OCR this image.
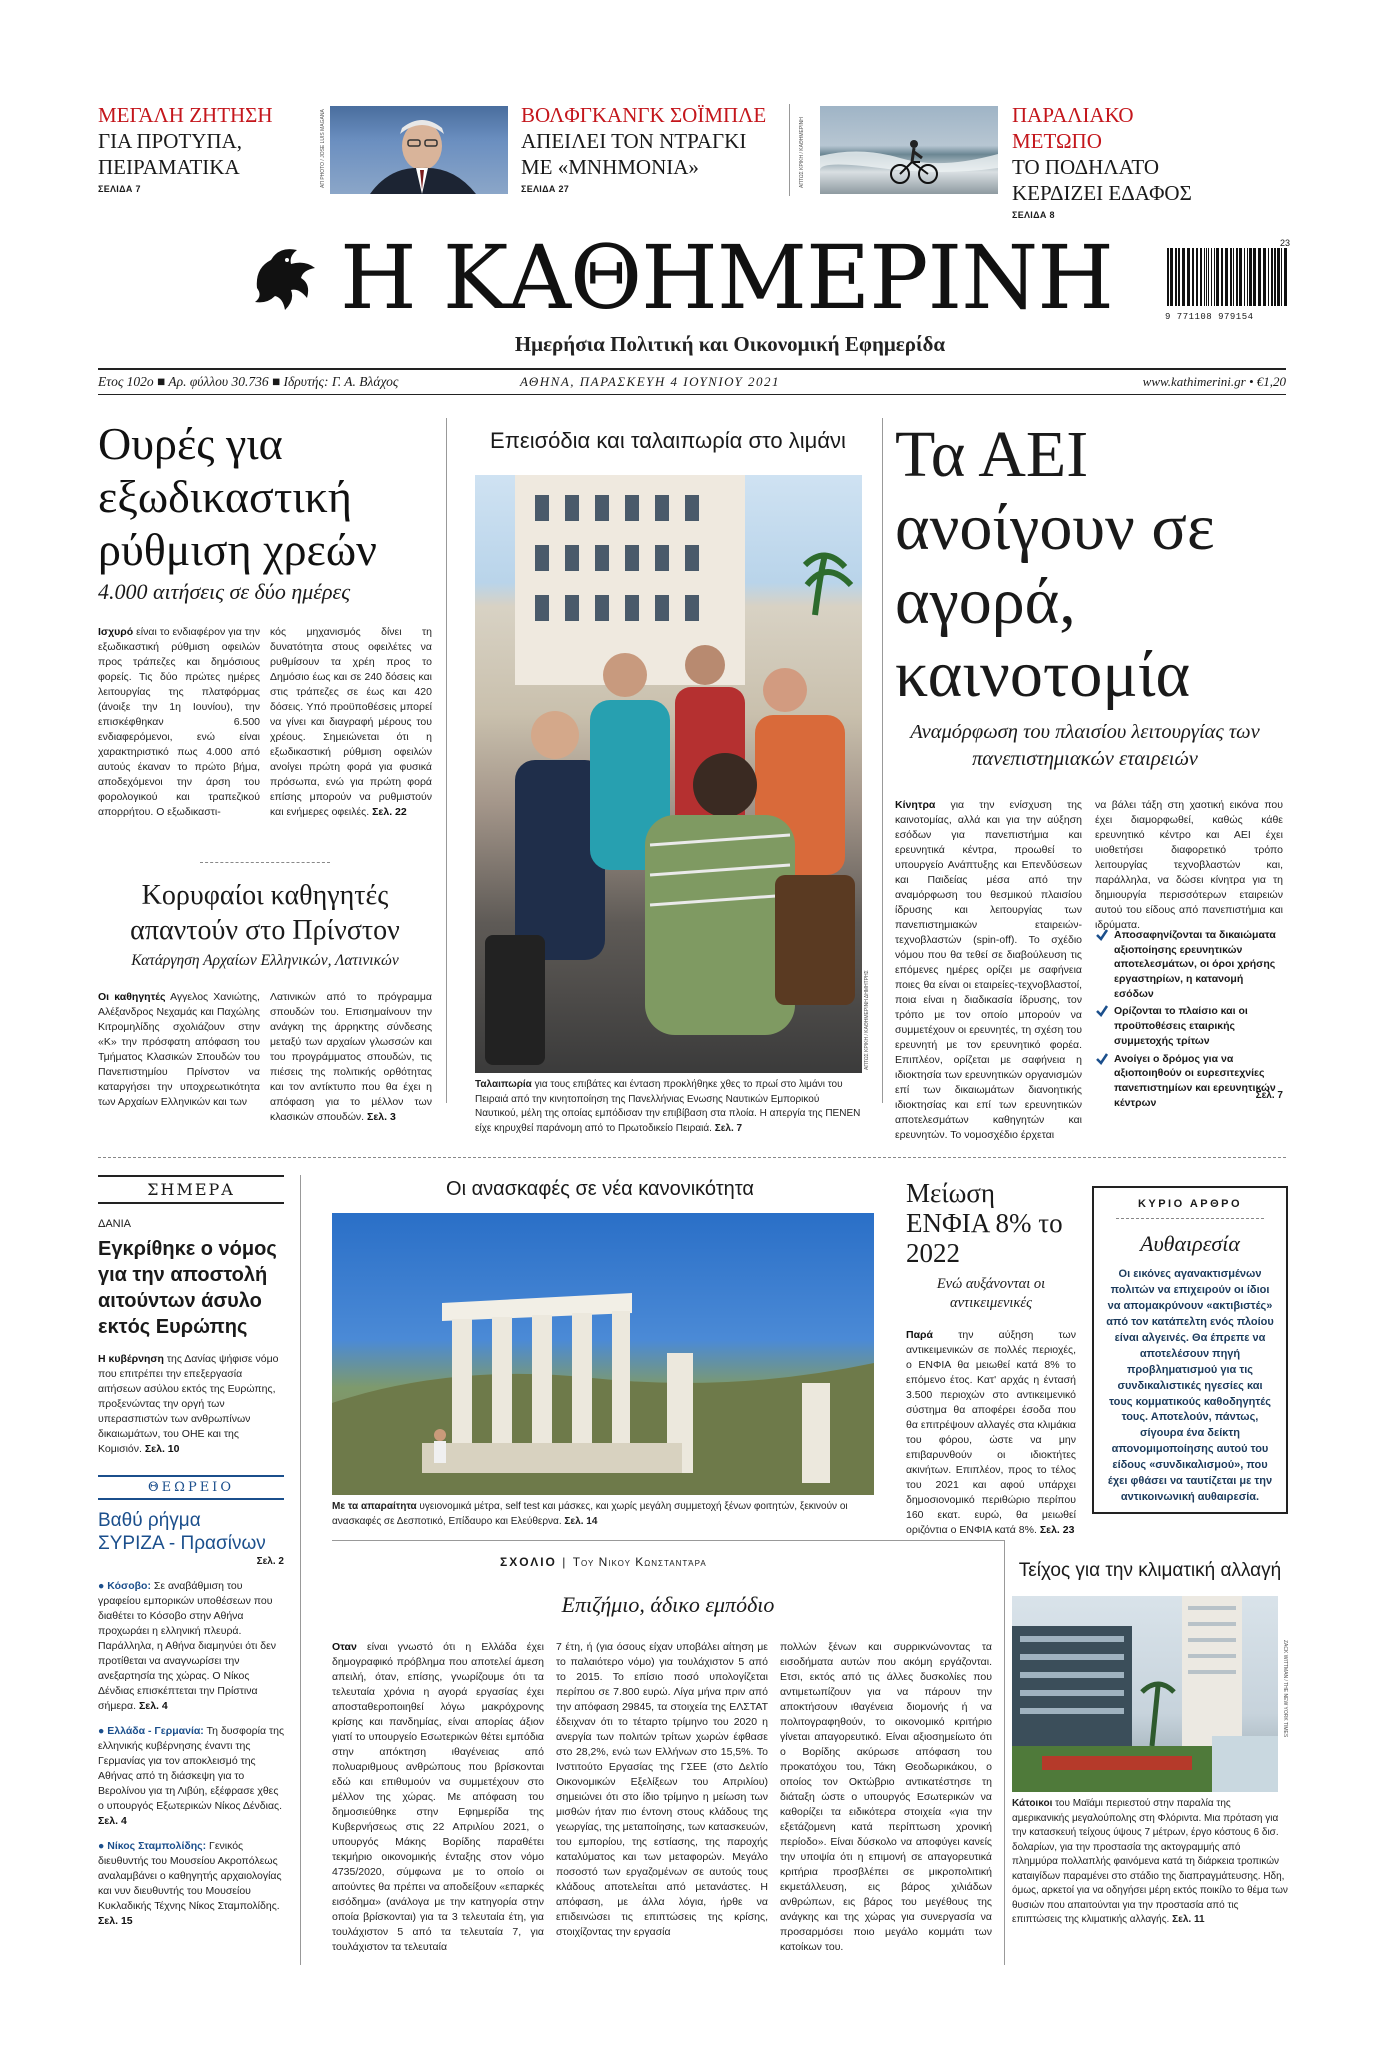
ΜΕΓΑΛΗ ΖΗΤΗΣΗ
ΓΙΑ ΠΡΟΤΥΠΑ,
ΠΕΙΡΑΜΑΤΙΚΑ
ΣΕΛΙΔΑ 7
ΑΠ PHOTO / JOSE LUIS MAGANA	ΒΟΛΦΓΚΑΝΓΚ ΣΟΪΜΠΛΕ
ΑΠΕΙΛΕΙ ΤΟΝ ΝΤΡΑΓΚΙ
ΜΕ «ΜΝΗΜΟΝΙΑ»
ΣΕΛΙΔΑ 27
ΑΠΤΩΣ ΚΡΙΚΗ / ΚΑΘΗΜΕΡΙΝΗ
ΠΑΡΑΛΙΑΚΟ ΜΕΤΩΠΟ
ΤΟ ΠΟΔΗΛΑΤΟ
ΚΕΡΔΙΖΕΙ ΕΔΑΦΟΣ
ΣΕΛΙΔΑ 8
Η ΚΑΘΗΜΕΡΙΝΗ
Ημερήσια Πολιτική και Οικονομική Εφημερίδα
23
9 771108 979154
Ετος 102ο ■ Αρ. φύλλου 30.736 ■ Ιδρυτής: Γ. Α. Βλάχος	ΑΘΗΝΑ, ΠΑΡΑΣΚΕΥΗ 4 ΙΟΥΝΙΟΥ 2021	www.kathimerini.gr • €1,20
Ουρές για εξωδικαστική ρύθμιση χρεών
4.000 αιτήσεις σε δύο ημέρες
Ισχυρό είναι το ενδιαφέρον για την εξωδικαστική ρύθμιση οφειλών προς τράπεζες και δημόσιους φορείς. Τις δύο πρώτες ημέρες λειτουργίας της πλατφόρμας (άνοιξε την 1η Ιουνίου), την επισκέφθηκαν 6.500 ενδιαφερόμενοι, ενώ είναι χαρακτηριστικό πως 4.000 από αυτούς έκαναν το πρώτο βήμα, αποδεχόμενοι την άρση του φορολογικού και τραπεζικού απορρήτου. Ο εξωδικαστι-
κός μηχανισμός δίνει τη δυνατότητα στους οφειλέτες να ρυθμίσουν τα χρέη προς το Δημόσιο έως και σε 240 δόσεις και στις τράπεζες σε έως και 420 δόσεις. Υπό προϋποθέσεις μπορεί να γίνει και διαγραφή μέρους του χρέους. Σημειώνεται ότι η εξωδικαστική ρύθμιση οφειλών ανοίγει πρώτη φορά για φυσικά πρόσωπα, ενώ για πρώτη φορά επίσης μπορούν να ρυθμιστούν και ενήμερες οφειλές. Σελ. 22
Κορυφαίοι καθηγητές απαντούν στο Πρίνστον
Κατάργηση Αρχαίων Ελληνικών, Λατινικών
Οι καθηγητές Αγγελος Χανιώτης, Αλέξανδρος Νεχαμάς και Παχώλης Κιτρομηλίδης σχολιάζουν στην «Κ» την πρόσφατη απόφαση του Τμήματος Κλασικών Σπουδών του Πανεπιστημίου Πρίνστον να καταργήσει την υποχρεωτικότητα των Αρχαίων Ελληνικών και των
Λατινικών από το πρόγραμμα σπουδών του. Επισημαίνουν την ανάγκη της άρρηκτης σύνδεσης μεταξύ των αρχαίων γλωσσών και του προγράμματος σπουδών, τις πιέσεις της πολιτικής ορθότητας και τον αντίκτυπο που θα έχει η απόφαση για το μέλλον των κλασικών σπουδών. Σελ. 3
Επεισόδια και ταλαιπωρία στο λιμάνι
ΑΠΤΩΣ ΚΡΙΚΗ / ΚΑΘΗΜΕΡΙΝΗ ΔΗΜΗΤΡΗΣ
Ταλαιπωρία για τους επιβάτες και ένταση προκλήθηκε χθες το πρωί στο λιμάνι του Πειραιά από την κινητοποίηση της Πανελλήνιας Ενωσης Ναυτικών Εμπορικού Ναυτικού, μέλη της οποίας εμπόδισαν την επιβίβαση στα πλοία. Η απεργία της ΠΕΝΕΝ είχε κηρυχθεί παράνομη από το Πρωτοδικείο Πειραιά. Σελ. 7
Τα ΑΕΙ ανοίγουν σε αγορά, καινοτομία
Αναμόρφωση του πλαισίου λειτουργίας των πανεπιστημιακών εταιρειών
Κίνητρα για την ενίσχυση της καινοτομίας, αλλά και για την αύξηση εσόδων για πανεπιστήμια και ερευνητικά κέντρα, προωθεί το υπουργείο Ανάπτυξης και Επενδύσεων και Παιδείας μέσα από την αναμόρφωση του θεσμικού πλαισίου ίδρυσης και λειτουργίας των πανεπιστημιακών εταιρειών-τεχνοβλαστών (spin-off). Το σχέδιο νόμου που θα τεθεί σε διαβούλευση τις επόμενες ημέρες ορίζει με σαφήνεια ποιες θα είναι οι εταιρείες-τεχνοβλαστοί, ποια είναι η διαδικασία ίδρυσης, τον τρόπο με τον οποίο μπορούν να συμμετέχουν οι ερευνητές, τη σχέση του ερευνητή με τον ερευνητικό φορέα. Επιπλέον, ορίζεται με σαφήνεια η ιδιοκτησία των ερευνητικών οργανισμών επί των δικαιωμάτων διανοητικής ιδιοκτησίας και επί των ερευνητικών αποτελεσμάτων καθηγητών και ερευνητών. Το νομοσχέδιο έρχεται
να βάλει τάξη στη χαοτική εικόνα που έχει διαμορφωθεί, καθώς κάθε ερευνητικό κέντρο και ΑΕΙ έχει υιοθετήσει διαφορετικό τρόπο λειτουργίας τεχνοβλαστών και, παράλληλα, να δώσει κίνητρα για τη δημιουργία περισσότερων εταιρειών αυτού του είδους από πανεπιστήμια και ιδρύματα.
Αποσαφηνίζονται τα δικαιώματα αξιοποίησης ερευνητικών αποτελεσμάτων, οι όροι χρήσης εργαστηρίων, η κατανομή εσόδων
Ορίζονται το πλαίσιο και οι προϋποθέσεις εταιρικής συμμετοχής τρίτων
Ανοίγει ο δρόμος για να αξιοποιηθούν οι ευρεσιτεχνίες πανεπιστημίων και ερευνητικών κέντρων
Σελ. 7
ΣΗΜΕΡΑ
ΔΑΝΙΑ
Εγκρίθηκε ο νόμος για την αποστολή αιτούντων άσυλο εκτός Ευρώπης
Η κυβέρνηση της Δανίας ψήφισε νόμο που επιτρέπει την επεξεργασία αιτήσεων ασύλου εκτός της Ευρώπης, προξενώντας την οργή των υπερασπιστών των ανθρωπίνων δικαιωμάτων, του ΟΗΕ και της Κομισιόν. Σελ. 10
ΘΕΩΡΕΙΟ
Βαθύ ρήγμα
ΣΥΡΙΖΑ - Πρασίνων
Σελ. 2
● Κόσοβο: Σε αναβάθμιση του γραφείου εμπορικών υποθέσεων που διαθέτει το Κόσοβο στην Αθήνα προχωράει η ελληνική πλευρά. Παράλληλα, η Αθήνα διαμηνύει ότι δεν προτίθεται να αναγνωρίσει την ανεξαρτησία της χώρας. Ο Νίκος Δένδιας επισκέπτεται την Πρίστινα σήμερα. Σελ. 4
● Ελλάδα - Γερμανία: Τη δυσφορία της ελληνικής κυβέρνησης έναντι της Γερμανίας για τον αποκλεισμό της Αθήνας από τη διάσκεψη για το Βερολίνου για τη Λιβύη, εξέφρασε χθες ο υπουργός Εξωτερικών Νίκος Δένδιας. Σελ. 4
● Νίκος Σταμπολίδης: Γενικός διευθυντής του Μουσείου Ακροπόλεως αναλαμβάνει ο καθηγητής αρχαιολογίας και νυν διευθυντής του Μουσείου Κυκλαδικής Τέχνης Νίκος Σταμπολίδης. Σελ. 15
Οι ανασκαφές σε νέα κανονικότητα
Με τα απαραίτητα υγειονομικά μέτρα, self test και μάσκες, και χωρίς μεγάλη συμμετοχή ξένων φοιτητών, ξεκινούν οι ανασκαφές σε Δεσποτικό, Επίδαυρο και Ελεύθερνα. Σελ. 14
Μείωση ΕΝΦΙΑ 8% το 2022
Ενώ αυξάνονται οι αντικειμενικές
Παρά την αύξηση των αντικειμενικών σε πολλές περιοχές, ο ΕΝΦΙΑ θα μειωθεί κατά 8% το επόμενο έτος. Κατ' αρχάς η έντασή 3.500 περιοχών στο αντικειμενικό σύστημα θα αποφέρει έσοδα που θα επιτρέψουν αλλαγές στα κλιμάκια του φόρου, ώστε να μην επιβαρυνθούν οι ιδιοκτήτες ακινήτων. Επιπλέον, προς το τέλος του 2021 και αφού υπάρχει δημοσιονομικό περιθώριο περίπου 160 εκατ. ευρώ, θα μειωθεί οριζόντια ο ΕΝΦΙΑ κατά 8%. Σελ. 23
ΚΥΡΙΟ ΑΡΘΡΟ
Αυθαιρεσία
Οι εικόνες αγανακτισμένων πολιτών να επιχειρούν οι ίδιοι να απομακρύνουν «ακτιβιστές» από τον κατάπελτη ενός πλοίου είναι αλγεινές. Θα έπρεπε να αποτελέσουν πηγή προβληματισμού για τις συνδικαλιστικές ηγεσίες και τους κομματικούς καθοδηγητές τους. Αποτελούν, πάντως, σίγουρα ένα δείκτη απονομιμοποίησης αυτού του είδους «συνδικαλισμού», που έχει φθάσει να ταυτίζεται με την αντικοινωνική αυθαιρεσία.
ΣΧΟΛΙΟ | Του Νικου Κωνσταντάρα
Επιζήμιο, άδικο εμπόδιο
Οταν είναι γνωστό ότι η Ελλάδα έχει δημογραφικό πρόβλημα που αποτελεί άμεση απειλή, όταν, επίσης, γνωρίζουμε ότι τα τελευταία χρόνια η αγορά εργασίας έχει αποσταθεροποιηθεί λόγω μακρόχρονης κρίσης και πανδημίας, είναι απορίας άξιον γιατί το υπουργείο Εσωτερικών θέτει εμπόδια στην απόκτηση ιθαγένειας από πολυαριθμους ανθρώπους που βρίσκονται εδώ και επιθυμούν να συμμετέχουν στο μέλλον της χώρας. Με απόφαση του δημοσιεύθηκε στην Εφημερίδα της Κυβερνήσεως στις 22 Απριλίου 2021, ο υπουργός Μάκης Βορίδης παραθέτει τεκμήριο οικονομικής ένταξης στον νόμο 4735/2020, σύμφωνα με το οποίο οι αιτούντες θα πρέπει να αποδείξουν «επαρκές εισόδημα» (ανάλογα με την κατηγορία στην οποία βρίσκονται) για τα 3 τελευταία έτη, για τουλάχιστον 5 από τα τελευταία 7, για τουλάχιστον τα τελευταία
7 έτη, ή (για όσους είχαν υποβάλει αίτηση με το παλαιότερο νόμο) για τουλάχιστον 5 από το 2015. Το επίσιο ποσό υπολογίζεται περίπου σε 7.800 ευρώ. Λίγα μήνα πριν από την απόφαση 29845, τα στοιχεία της ΕΛΣΤΑΤ έδειχναν ότι το τέταρτο τρίμηνο του 2020 η ανεργία των πολιτών τρίτων χωρών έφθασε στο 28,2%, ενώ των Ελλήνων στο 15,5%. Το Ινστιτούτο Εργασίας της ΓΣΕΕ (στο Δελτίο Οικονομικών Εξελίξεων του Απριλίου) σημειώνει ότι στο ίδιο τρίμηνο η μείωση των μισθών ήταν πιο έντονη στους κλάδους της γεωργίας, της μεταποίησης, των κατασκευών, του εμπορίου, της εστίασης, της παροχής καταλύματος και των μεταφορών. Μεγάλο ποσοστό των εργαζομένων σε αυτούς τους κλάδους αποτελείται από μετανάστες. Η απόφαση, με άλλα λόγια, ήρθε να επιδεινώσει τις επιπτώσεις της κρίσης, στοιχίζοντας την εργασία
πολλών ξένων και συρρικνώνοντας τα εισοδήματα αυτών που ακόμη εργάζονται. Ετσι, εκτός από τις άλλες δυσκολίες που αντιμετωπίζουν για να πάρουν την αποκτήσουν ιθαγένεια διομονής ή να πολιτογραφηθούν, το οικονομικό κριτήριο γίνεται απαγορευτικό. Είναι αξιοσημείωτο ότι ο Βορίδης ακύρωσε απόφαση του προκατόχου του, Τάκη Θεοδωρικάκου, ο οποίος τον Οκτώβριο αντικατέστησε τη διάταξη ώστε ο υπουργός Εσωτερικών να καθορίζει τα ειδικότερα στοιχεία «για την εξετάζομενη κατά περίπτωση χρονική περίοδο». Είναι δύσκολο να αποφύγει κανείς την υποψία ότι η επιμονή σε απαγορευτικά κριτήρια προσβλέπει σε μικροπολιτική εκμετάλλευση, εις βάρος χιλιάδων ανθρώπων, εις βάρος του μεγέθους της ανάγκης και της χώρας για συνεργασία να προσαρμόσει ποιο μεγάλο κομμάτι των κατοίκων του.
Τείχος για την κλιματική αλλαγή
ZACK WITTMAN / THE NEW YORK TIMES
Κάτοικοι του Μαϊάμι περιεστού στην παραλία της αμερικανικής μεγαλούπολης στη Φλόριντα. Μια πρόταση για την κατασκευή τείχους ύψους 7 μέτρων, έργο κόστους 6 δισ. δολαρίων, για την προστασία της ακτογραμμής από πλημμύρα πολλαπλής φαινόμενα κατά τη διάρκεια τροπικών καταιγίδων παραμένει στο στάδιο της διαπραγμάτευσης. Ηδη, όμως, αρκετοί για να οδηγήσει μέρη εκτός ποικίλο το θέμα των θυσιών που απαιτούνται για την προστασία από τις επιπτώσεις της κλιματικής αλλαγής. Σελ. 11
